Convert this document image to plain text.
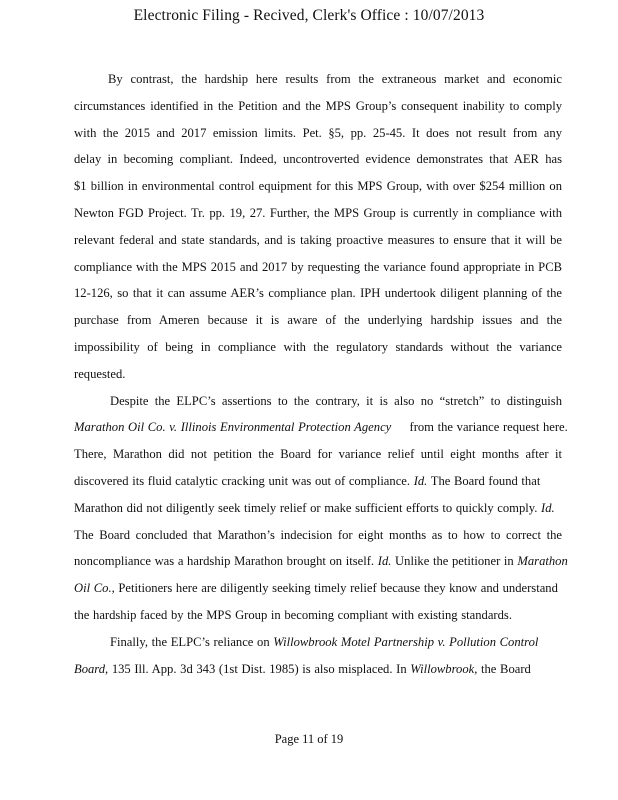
Electronic Filing - Recived, Clerk's Office : 10/07/2013
By contrast, the hardship here results from the extraneous market and economic
circumstances identified in the Petition and the MPS Group’s consequent inability to comply
with the 2015 and 2017 emission limits. Pet. §5, pp. 25-45. It does not result from any
delay in becoming compliant. Indeed, uncontroverted evidence demonstrates that AER has
$1 billion in environmental control equipment for this MPS Group, with over $254 million on
Newton FGD Project. Tr. pp. 19, 27. Further, the MPS Group is currently in compliance with
relevant federal and state standards, and is taking proactive measures to ensure that it will be
compliance with the MPS 2015 and 2017 by requesting the variance found appropriate in PCB
12-126, so that it can assume AER’s compliance plan. IPH undertook diligent planning of the
purchase from Ameren because it is aware of the underlying hardship issues and the
impossibility of being in compliance with the regulatory standards without the variance
requested.
Despite the ELPC’s assertions to the contrary, it is also no “stretch” to distinguish
Marathon Oil Co. v. Illinois Environmental Protection Agency from the variance request here.
There, Marathon did not petition the Board for variance relief until eight months after it
discovered its fluid catalytic cracking unit was out of compliance. Id. The Board found that
Marathon did not diligently seek timely relief or make sufficient efforts to quickly comply. Id.
The Board concluded that Marathon’s indecision for eight months as to how to correct the
noncompliance was a hardship Marathon brought on itself. Id. Unlike the petitioner in Marathon
Oil Co., Petitioners here are diligently seeking timely relief because they know and understand
the hardship faced by the MPS Group in becoming compliant with existing standards.
Finally, the ELPC’s reliance on Willowbrook Motel Partnership v. Pollution Control
Board, 135 Ill. App. 3d 343 (1st Dist. 1985) is also misplaced. In Willowbrook, the Board
Page 11 of 19
